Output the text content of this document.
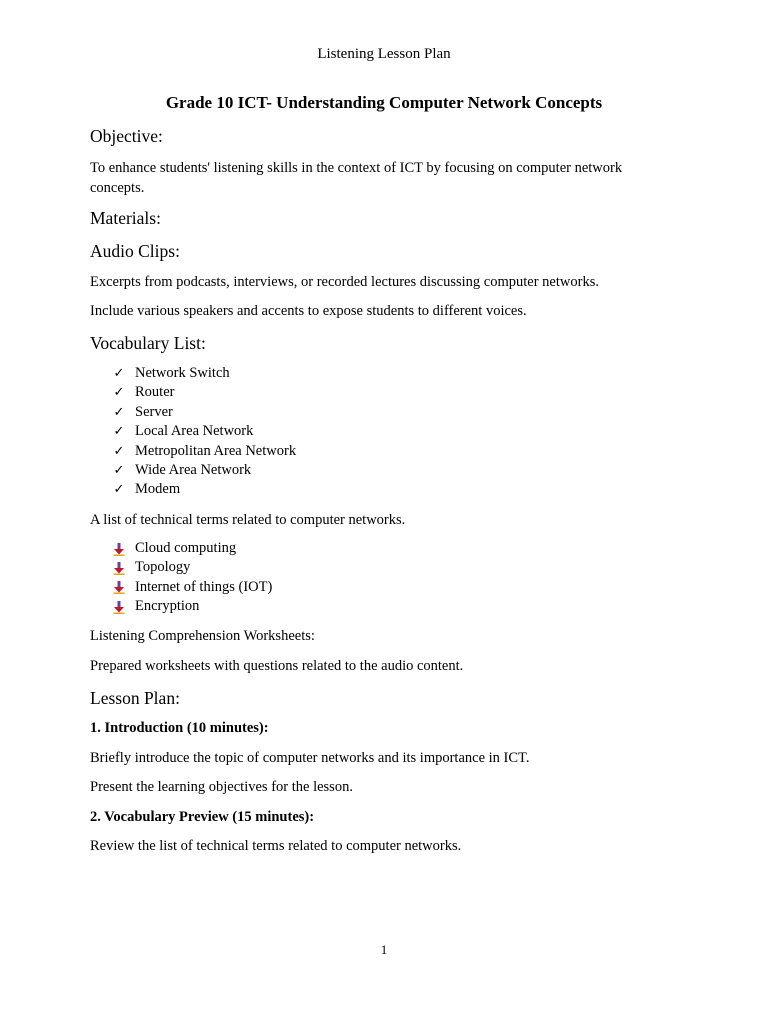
Listening Lesson Plan
Grade 10 ICT- Understanding Computer Network Concepts
Objective:
To enhance students' listening skills in the context of ICT by focusing on computer network concepts.
Materials:
Audio Clips:
Excerpts from podcasts, interviews, or recorded lectures discussing computer networks.
Include various speakers and accents to expose students to different voices.
Vocabulary List:
✓ Network Switch
✓ Router
✓ Server
✓ Local Area Network
✓ Metropolitan Area Network
✓ Wide Area Network
✓ Modem
A list of technical terms related to computer networks.
Cloud computing
Topology
Internet of things (IOT)
Encryption
Listening Comprehension Worksheets:
Prepared worksheets with questions related to the audio content.
Lesson Plan:
1. Introduction (10 minutes):
Briefly introduce the topic of computer networks and its importance in ICT.
Present the learning objectives for the lesson.
2. Vocabulary Preview (15 minutes):
Review the list of technical terms related to computer networks.
1
